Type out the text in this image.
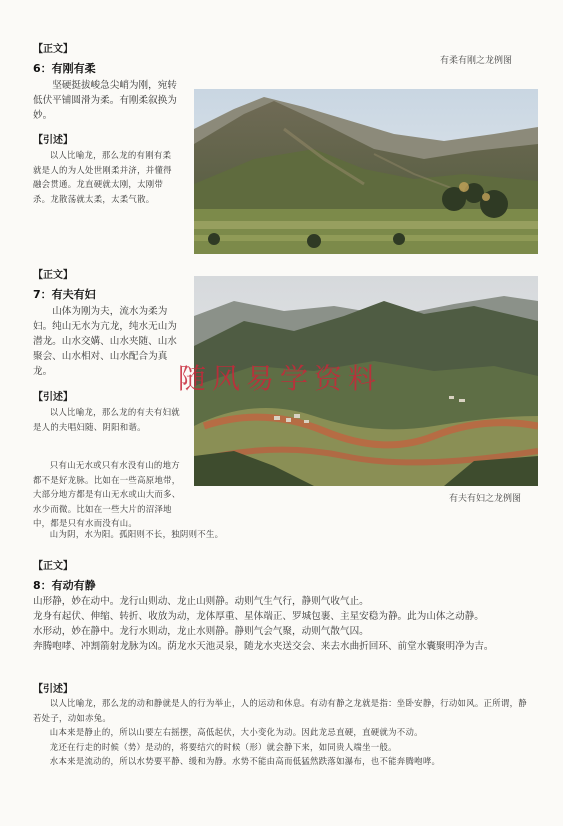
【正文】
6：有刚有柔
有柔有刚之龙例图

坚硬挺拔峻急尖峭为刚，宛转低伏平铺圆滑为柔。有刚柔叙换为妙。

【引述】

以人比喻龙，那么龙的有刚有柔就是人的为人处世刚柔并济，并懂得融会贯通。龙直硬就太刚，太刚带杀。龙散荡就太柔，太柔气散。

【正文】
7：有夫有妇

山体为刚为夫，流水为柔为妇。纯山无水为亢龙，纯水无山为潜龙。山水交媾、山水夹随、山水聚会、山水相对、山水配合为真龙。

【引述】

以人比喻龙，那么龙的有夫有妇就是人的夫唱妇随、阴阳和谐。

只有山无水或只有水没有山的地方都不是好龙脉。比如在一些高原地带，大部分地方都是有山无水或山大而多、水少而微。比如在一些大片的沼泽地中，都是只有水而没有山。

山为阴，水为阳。孤阳则不长，独阴则不生。

有夫有妇之龙例图
随风易学资料
【正文】
8：有动有静

山形静，妙在动中。龙行山则动、龙止山则静。动则气生气行，静则气收气止。

龙身有起伏、伸缩、转折、收放为动，龙体厚重、星体端正、罗城包裹、主星安稳为静。此为山体之动静。

水形动，妙在静中。龙行水则动，龙止水则静。静则气会气聚，动则气散气囚。

奔腾咆哮、冲割箭射龙脉为凶。荫龙水天池灵泉，随龙水夹送交会、来去水曲折回环、前堂水囊聚明净为吉。

【引述】

以人比喻龙，那么龙的动和静就是人的行为举止，人的运动和休息。有动有静之龙就是指：坐卧安静，行动如风。正所谓，静若处子，动如赤兔。

山本来是静止的，所以山要左右摇摆，高低起伏，大小变化为动。因此龙忌直硬，直硬就为不动。

龙还在行走的时候（势）是动的，将要结穴的时候（形）就会静下来，如同贵人端坐一般。

水本来是流动的，所以水势要平静、缓和为静。水势不能由高而低猛然跌落如瀑布，也不能奔腾咆哮。
